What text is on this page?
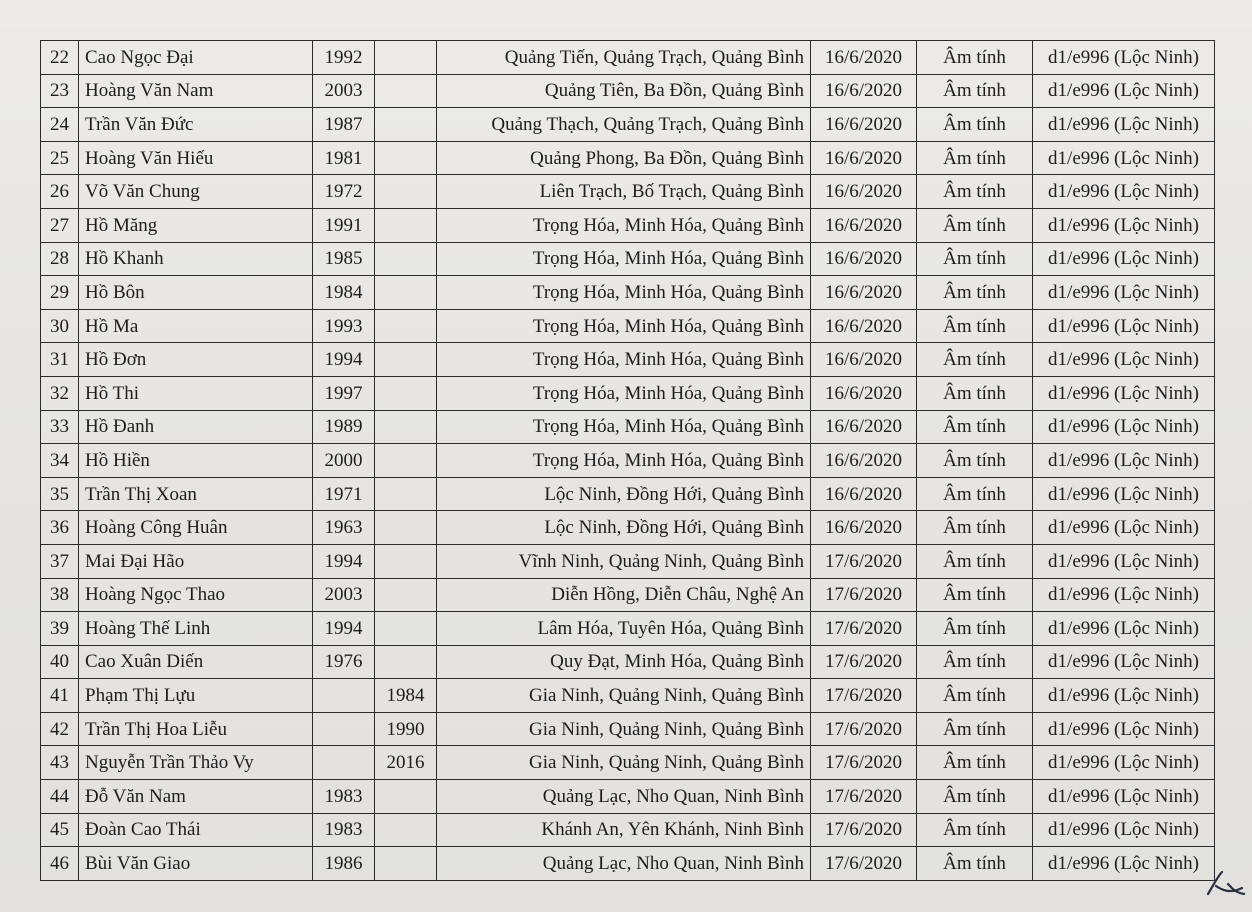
22	Cao Ngọc Đại	1992		Quảng Tiến, Quảng Trạch, Quảng Bình	16/6/2020	Âm tính	d1/e996 (Lộc Ninh)
23	Hoàng Văn Nam	2003		Quảng Tiên, Ba Đồn, Quảng Bình	16/6/2020	Âm tính	d1/e996 (Lộc Ninh)
24	Trần Văn Đức	1987		Quảng Thạch, Quảng Trạch, Quảng Bình	16/6/2020	Âm tính	d1/e996 (Lộc Ninh)
25	Hoàng Văn Hiếu	1981		Quảng Phong, Ba Đồn, Quảng Bình	16/6/2020	Âm tính	d1/e996 (Lộc Ninh)
26	Võ Văn Chung	1972		Liên Trạch, Bố Trạch, Quảng Bình	16/6/2020	Âm tính	d1/e996 (Lộc Ninh)
27	Hồ Măng	1991		Trọng Hóa, Minh Hóa, Quảng Bình	16/6/2020	Âm tính	d1/e996 (Lộc Ninh)
28	Hồ Khanh	1985		Trọng Hóa, Minh Hóa, Quảng Bình	16/6/2020	Âm tính	d1/e996 (Lộc Ninh)
29	Hồ Bôn	1984		Trọng Hóa, Minh Hóa, Quảng Bình	16/6/2020	Âm tính	d1/e996 (Lộc Ninh)
30	Hồ Ma	1993		Trọng Hóa, Minh Hóa, Quảng Bình	16/6/2020	Âm tính	d1/e996 (Lộc Ninh)
31	Hồ Đơn	1994		Trọng Hóa, Minh Hóa, Quảng Bình	16/6/2020	Âm tính	d1/e996 (Lộc Ninh)
32	Hồ Thi	1997		Trọng Hóa, Minh Hóa, Quảng Bình	16/6/2020	Âm tính	d1/e996 (Lộc Ninh)
33	Hồ Đanh	1989		Trọng Hóa, Minh Hóa, Quảng Bình	16/6/2020	Âm tính	d1/e996 (Lộc Ninh)
34	Hồ Hiền	2000		Trọng Hóa, Minh Hóa, Quảng Bình	16/6/2020	Âm tính	d1/e996 (Lộc Ninh)
35	Trần Thị Xoan	1971		Lộc Ninh, Đồng Hới, Quảng Bình	16/6/2020	Âm tính	d1/e996 (Lộc Ninh)
36	Hoàng Công Huân	1963		Lộc Ninh, Đồng Hới, Quảng Bình	16/6/2020	Âm tính	d1/e996 (Lộc Ninh)
37	Mai Đại Hão	1994		Vĩnh Ninh, Quảng Ninh, Quảng Bình	17/6/2020	Âm tính	d1/e996 (Lộc Ninh)
38	Hoàng Ngọc Thao	2003		Diễn Hồng, Diễn Châu, Nghệ An	17/6/2020	Âm tính	d1/e996 (Lộc Ninh)
39	Hoàng Thế Linh	1994		Lâm Hóa, Tuyên Hóa, Quảng Bình	17/6/2020	Âm tính	d1/e996 (Lộc Ninh)
40	Cao Xuân Diến	1976		Quy Đạt, Minh Hóa, Quảng Bình	17/6/2020	Âm tính	d1/e996 (Lộc Ninh)
41	Phạm Thị Lựu		1984	Gia Ninh, Quảng Ninh, Quảng Bình	17/6/2020	Âm tính	d1/e996 (Lộc Ninh)
42	Trần Thị Hoa Liễu		1990	Gia Ninh, Quảng Ninh, Quảng Bình	17/6/2020	Âm tính	d1/e996 (Lộc Ninh)
43	Nguyễn Trần Thảo Vy		2016	Gia Ninh, Quảng Ninh, Quảng Bình	17/6/2020	Âm tính	d1/e996 (Lộc Ninh)
44	Đỗ Văn Nam	1983		Quảng Lạc, Nho Quan, Ninh Bình	17/6/2020	Âm tính	d1/e996 (Lộc Ninh)
45	Đoàn Cao Thái	1983		Khánh An, Yên Khánh, Ninh Bình	17/6/2020	Âm tính	d1/e996 (Lộc Ninh)
46	Bùi Văn Giao	1986		Quảng Lạc, Nho Quan, Ninh Bình	17/6/2020	Âm tính	d1/e996 (Lộc Ninh)
